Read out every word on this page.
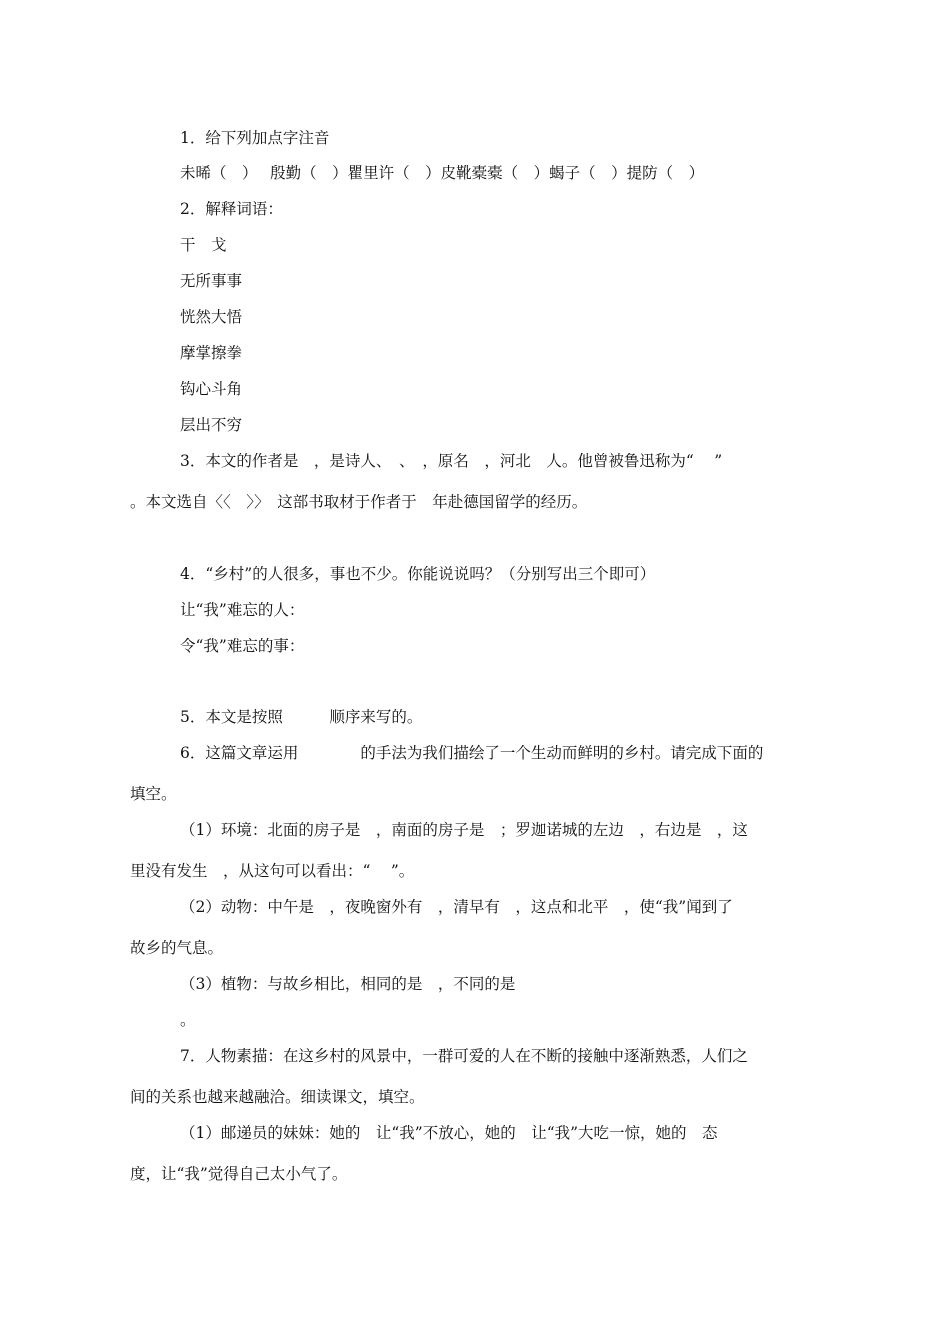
1．给下列加点字注音
未晞（　）　 殷勤（　）瞿里许（　）皮靴橐橐（　）蝎子（　）提防（　）
2．解释词语：
干　戈
无所事事
恍然大悟
摩掌擦拳
钩心斗角
层出不穷
3．本文的作者是　，是诗人、　、　，原名　，河北　人。他曾被鲁迅称为“　 ”
。本文选自〈〈　〉〉　这部书取材于作者于　年赴德国留学的经历。
4．“乡村”的人很多，事也不少。你能说说吗？（分别写出三个即可）
让“我”难忘的人：
令“我”难忘的事：
5．本文是按照　　　顺序来写的。
6．这篇文章运用　　　　的手法为我们描绘了一个生动而鲜明的乡村。请完成下面的
填空。
（1）环境：北面的房子是　，南面的房子是　；罗迦诺城的左边　，右边是　，这
里没有发生　，从这句可以看出：“　 ”。
（2）动物：中午是　，夜晚窗外有　，清早有　，这点和北平　，使“我”闻到了
故乡的气息。
（3）植物：与故乡相比，相同的是　，不同的是
。
7．人物素描：在这乡村的风景中，一群可爱的人在不断的接触中逐渐熟悉，人们之
间的关系也越来越融洽。细读课文，填空。
（1）邮递员的妹妹：她的　让“我”不放心，她的　让“我”大吃一惊，她的　态
度，让“我”觉得自己太小气了。
